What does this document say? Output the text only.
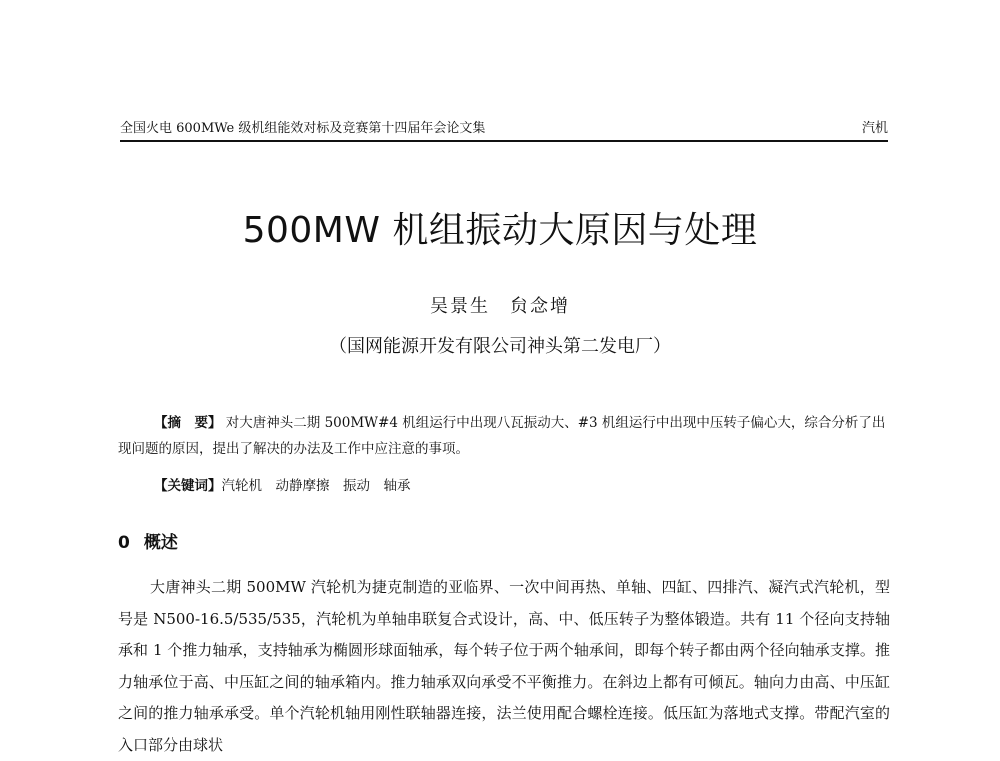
全国火电 600MWe 级机组能效对标及竞赛第十四届年会论文集	汽机
500MW 机组振动大原因与处理
吴景生　贠念增
（国网能源开发有限公司神头第二发电厂）
【摘　要】 对大唐神头二期 500MW#4 机组运行中出现八瓦振动大、#3 机组运行中出现中压转子偏心大，综合分析了出现问题的原因，提出了解决的办法及工作中应注意的事项。
【关键词】汽轮机　动静摩擦　振动　轴承
0 概述
大唐神头二期 500MW 汽轮机为捷克制造的亚临界、一次中间再热、单轴、四缸、四排汽、凝汽式汽轮机，型号是 N500-16.5/535/535，汽轮机为单轴串联复合式设计，高、中、低压转子为整体锻造。共有 11 个径向支持轴承和 1 个推力轴承，支持轴承为椭圆形球面轴承，每个转子位于两个轴承间，即每个转子都由两个径向轴承支撑。推力轴承位于高、中压缸之间的轴承箱内。推力轴承双向承受不平衡推力。在斜边上都有可倾瓦。轴向力由高、中压缸之间的推力轴承承受。单个汽轮机轴用刚性联轴器连接，法兰使用配合螺栓连接。低压缸为落地式支撑。带配汽室的入口部分由球状
